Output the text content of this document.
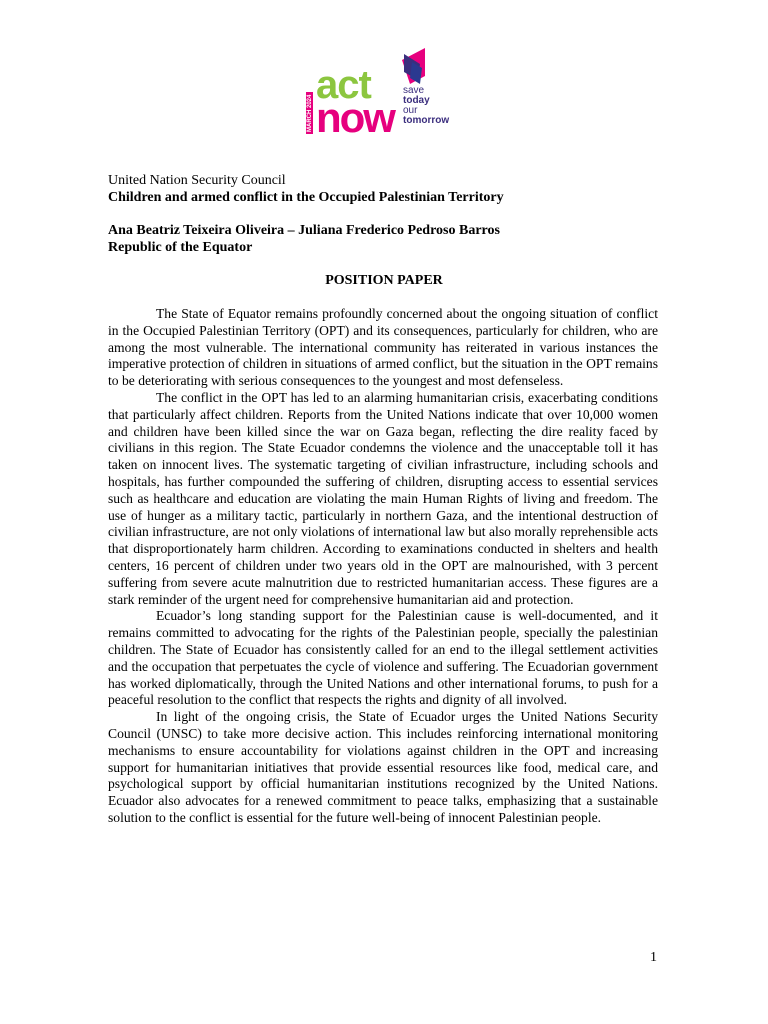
MARCH 2024
act
now
save
today
our
tomorrow
United Nation Security Council
Children and armed conflict in the Occupied Palestinian Territory
Ana Beatriz Teixeira Oliveira – Juliana Frederico Pedroso Barros
Republic of the Equator
POSITION PAPER

The State of Equator remains profoundly concerned about the ongoing situation of conflict in the Occupied Palestinian Territory (OPT) and its consequences, particularly for children, who are among the most vulnerable. The international community has reiterated in various instances the imperative protection of children in situations of armed conflict, but the situation in the OPT remains to be deteriorating with serious consequences to the youngest and most defenseless.

The conflict in the OPT has led to an alarming humanitarian crisis, exacerbating conditions that particularly affect children. Reports from the United Nations indicate that over 10,000 women and children have been killed since the war on Gaza began, reflecting the dire reality faced by civilians in this region. The State Ecuador condemns the violence and the unacceptable toll it has taken on innocent lives. The systematic targeting of civilian infrastructure, including schools and hospitals, has further compounded the suffering of children, disrupting access to essential services such as healthcare and education are violating the main Human Rights of living and freedom. The use of hunger as a military tactic, particularly in northern Gaza, and the intentional destruction of civilian infrastructure, are not only violations of international law but also morally reprehensible acts that disproportionately harm children. According to examinations conducted in shelters and health centers, 16 percent of children under two years old in the OPT are malnourished, with 3 percent suffering from severe acute malnutrition due to restricted humanitarian access. These figures are a stark reminder of the urgent need for comprehensive humanitarian aid and protection.

Ecuador’s long standing support for the Palestinian cause is well-documented, and it remains committed to advocating for the rights of the Palestinian people, specially the palestinian children. The State of Ecuador has consistently called for an end to the illegal settlement activities and the occupation that perpetuates the cycle of violence and suffering. The Ecuadorian government has worked diplomatically, through the United Nations and other international forums, to push for a peaceful resolution to the conflict that respects the rights and dignity of all involved.

In light of the ongoing crisis, the State of Ecuador urges the United Nations Security Council (UNSC) to take more decisive action. This includes reinforcing international monitoring mechanisms to ensure accountability for violations against children in the OPT and increasing support for humanitarian initiatives that provide essential resources like food, medical care, and psychological support by official humanitarian institutions recognized by the United Nations. Ecuador also advocates for a renewed commitment to peace talks, emphasizing that a sustainable solution to the conflict is essential for the future well-being of innocent Palestinian people.

1
